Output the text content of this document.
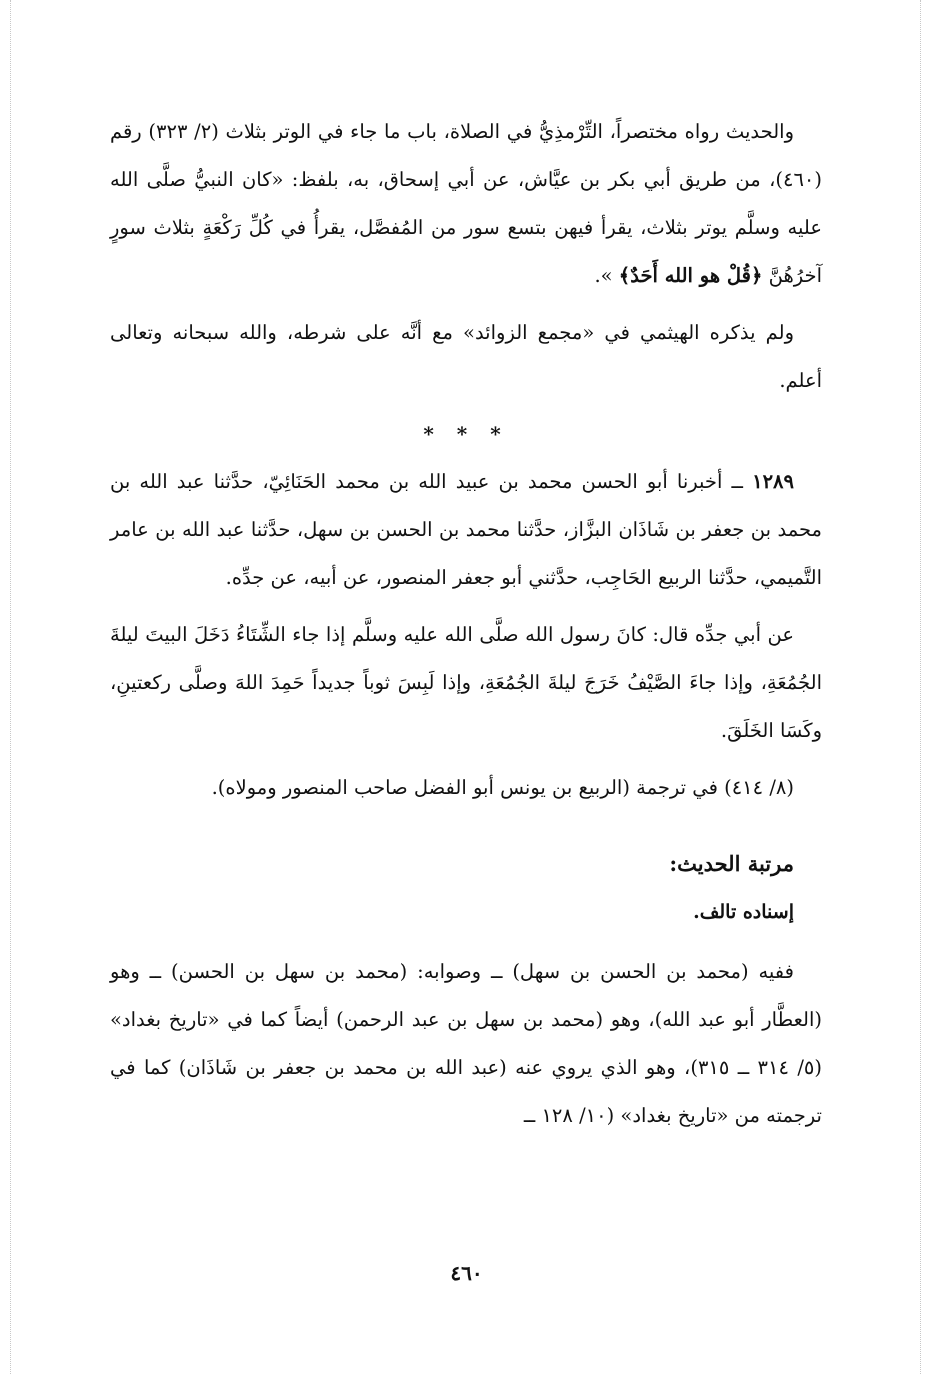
والحديث رواه مختصراً، التِّرْمذِيُّ في الصلاة، باب ما جاء في الوتر بثلاث (٢/ ٣٢٣) رقم (٤٦٠)، من طريق أبي بكر بن عيَّاش، عن أبي إسحاق، به، بلفظ: «كان النبيُّ صلَّى الله عليه وسلَّم يوتر بثلاث، يقرأ فيهن بتسع سور من المُفصَّل، يقرأُ في كُلِّ رَكْعَةٍ بثلاث سورٍ آخرُهُنَّ ﴿قُلْ هو الله أَحَدٌ﴾ ».

ولم يذكره الهيثمي في «مجمع الزوائد» مع أنَّه على شرطه، والله سبحانه وتعالى أعلم.

* * *

١٢٨٩ ــ أخبرنا أبو الحسن محمد بن عبيد الله بن محمد الحَنَائِيّ، حدَّثنا عبد الله بن محمد بن جعفر بن شَاذَان البزَّاز، حدَّثنا محمد بن الحسن بن سهل، حدَّثنا عبد الله بن عامر التَّميمي، حدَّثنا الربيع الحَاجِب، حدَّثني أبو جعفر المنصور، عن أبيه، عن جدِّه.

عن أبي جدِّه قال: كانَ رسول الله صلَّى الله عليه وسلَّم إذا جاء الشِّتَاءُ دَخَلَ البيتَ ليلةَ الجُمُعَةِ، وإذا جاءَ الصَّيْفُ خَرَجَ ليلةَ الجُمُعَةِ، وإذا لَبِسَ ثوباً جديداً حَمِدَ اللهَ وصلَّى ركعتينِ، وكَسَا الخَلَقَ.

(٨/ ٤١٤) في ترجمة (الربيع بن يونس أبو الفضل صاحب المنصور ومولاه).

مرتبة الحديث:
إسناده تالف.

ففيه (محمد بن الحسن بن سهل) ــ وصوابه: (محمد بن سهل بن الحسن) ــ وهو (العطَّار أبو عبد الله)، وهو (محمد بن سهل بن عبد الرحمن) أيضاً كما في «تاريخ بغداد» (٥/ ٣١٤ ــ ٣١٥)، وهو الذي يروي عنه (عبد الله بن محمد بن جعفر بن شَاذَان) كما في ترجمته من «تاريخ بغداد» (١٠/ ١٢٨ ــ

٤٦٠
